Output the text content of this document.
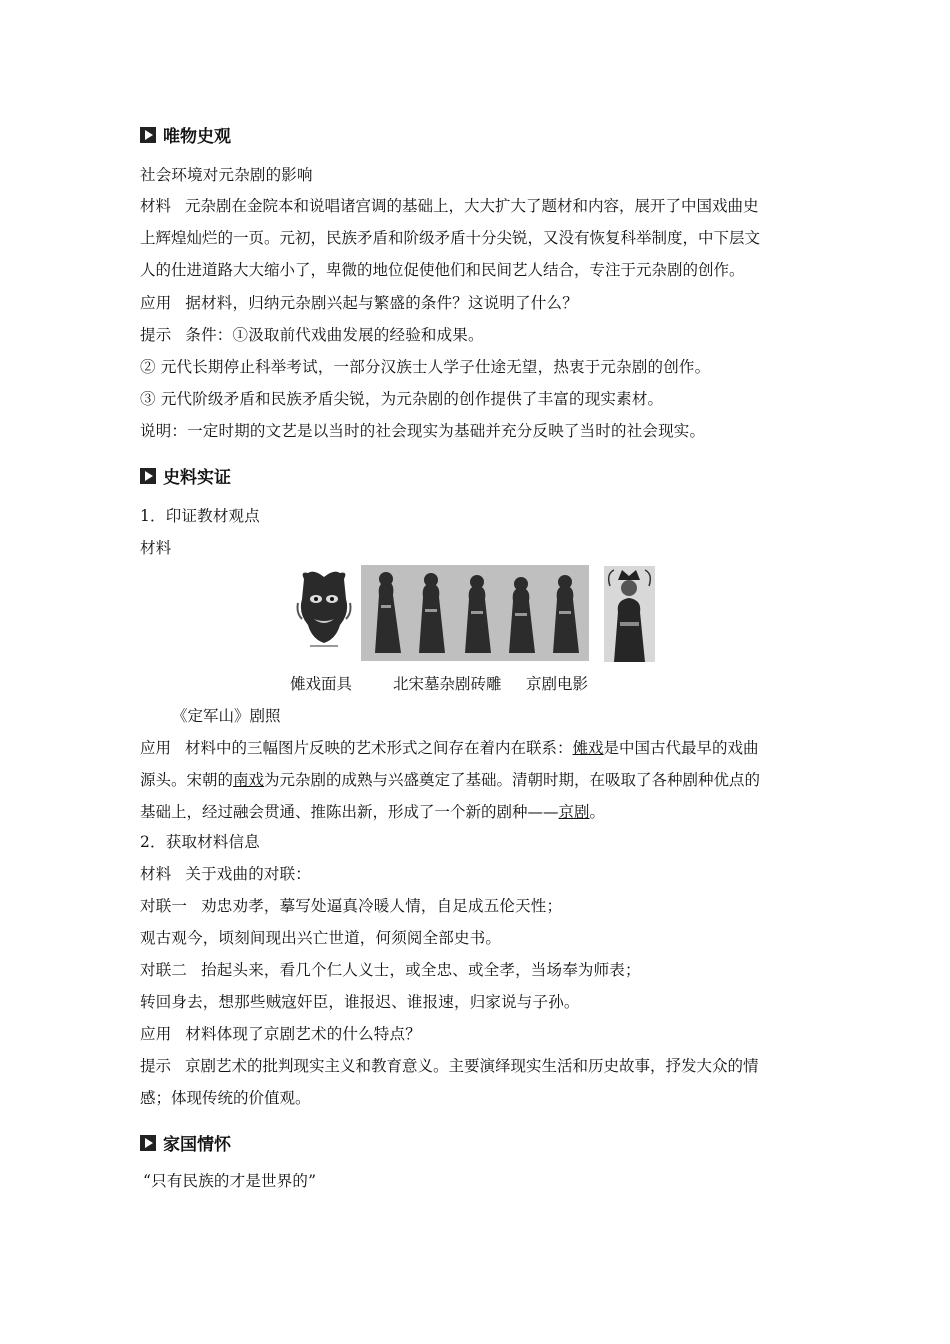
唯物史观
社会环境对元杂剧的影响
材料 元杂剧在金院本和说唱诸宫调的基础上，大大扩大了题材和内容，展开了中国戏曲史
上辉煌灿烂的一页。元初，民族矛盾和阶级矛盾十分尖锐，又没有恢复科举制度，中下层文
人的仕进道路大大缩小了，卑微的地位促使他们和民间艺人结合，专注于元杂剧的创作。
应用 据材料，归纳元杂剧兴起与繁盛的条件？这说明了什么？
提示 条件：①汲取前代戏曲发展的经验和成果。
② 元代长期停止科举考试，一部分汉族士人学子仕途无望，热衷于元杂剧的创作。
③ 元代阶级矛盾和民族矛盾尖锐，为元杂剧的创作提供了丰富的现实素材。
说明：一定时期的文艺是以当时的社会现实为基础并充分反映了当时的社会现实。
史料实证
1．印证教材观点
材料
傩戏面具	北宋墓杂剧砖雕 京剧电影
《定军山》剧照
应用 材料中的三幅图片反映的艺术形式之间存在着内在联系：傩戏是中国古代最早的戏曲
源头。宋朝的南戏为元杂剧的成熟与兴盛奠定了基础。清朝时期，在吸取了各种剧种优点的
基础上，经过融会贯通、推陈出新，形成了一个新的剧种——京剧。
2．获取材料信息
材料 关于戏曲的对联：
对联一 劝忠劝孝，摹写处逼真冷暖人情，自足成五伦天性；
观古观今，顷刻间现出兴亡世道，何须阅全部史书。
对联二 抬起头来，看几个仁人义士，或全忠、或全孝，当场奉为师表；
转回身去，想那些贼寇奸臣，谁报迟、谁报速，归家说与子孙。
应用 材料体现了京剧艺术的什么特点？
提示 京剧艺术的批判现实主义和教育意义。主要演绎现实生活和历史故事，抒发大众的情
感；体现传统的价值观。
家国情怀
“只有民族的才是世界的”
